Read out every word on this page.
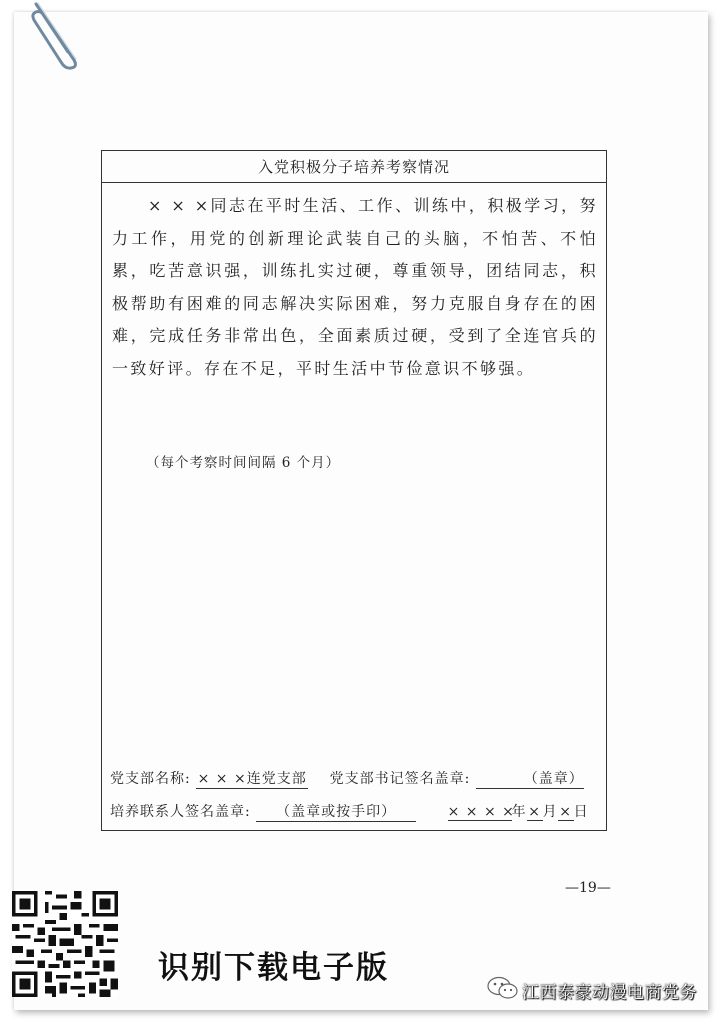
入党积极分子培养考察情况

× × ×同志在平时生活、工作、训练中，积极学习，努力工作，用党的创新理论武装自己的头脑，不怕苦、不怕累，吃苦意识强，训练扎实过硬，尊重领导，团结同志，积极帮助有困难的同志解决实际困难，努力克服自身存在的困难，完成任务非常出色，全面素质过硬，受到了全连官兵的一致好评。存在不足，平时生活中节俭意识不够强。

（每个考察时间间隔 6 个月）
党支部名称: × × ×连党支部 党支部书记签名盖章:	（盖章）
培养联系人签名盖章: （盖章或按手印）	× × × ×年 × 月 × 日
—19—
识别下载电子版
江西泰豪动漫电商党务
